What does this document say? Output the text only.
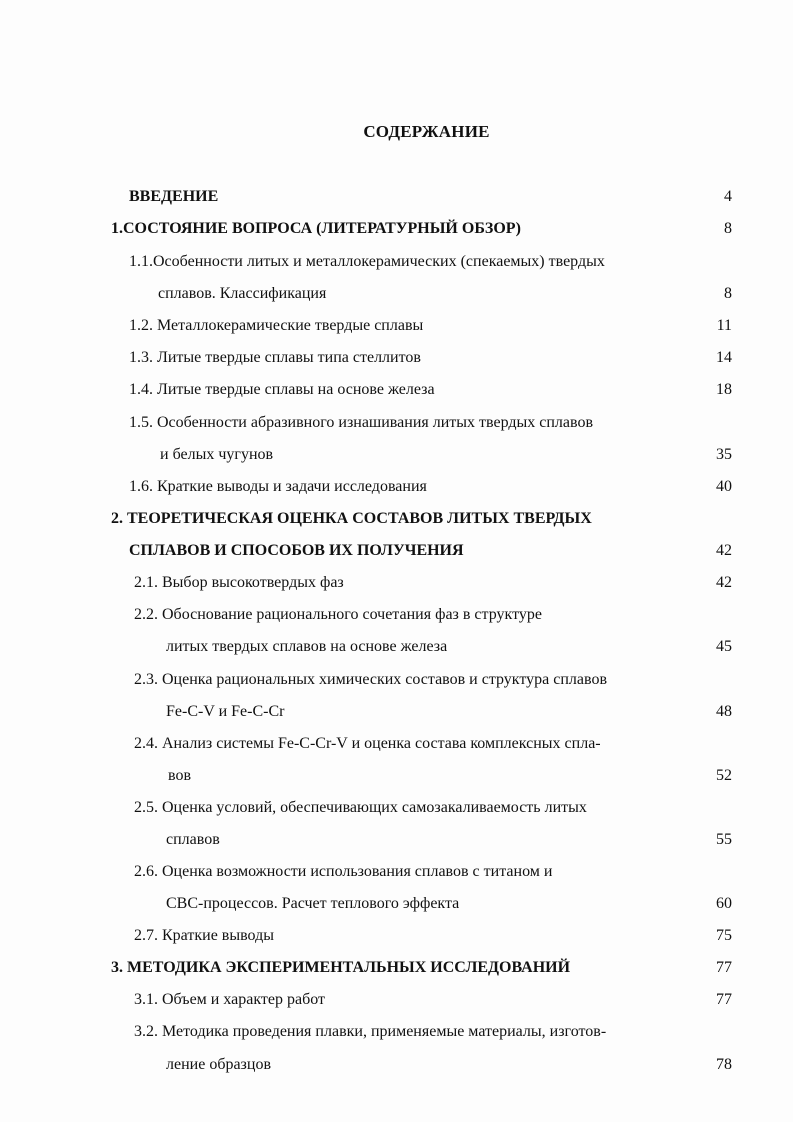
СОДЕРЖАНИЕ
ВВЕДЕНИЕ	4
1.СОСТОЯНИЕ ВОПРОСА (ЛИТЕРАТУРНЫЙ ОБЗОР)	8
1.1.Особенности литых и металлокерамических (спекаемых) твердых
сплавов. Классификация	8
1.2. Металлокерамические твердые сплавы	11
1.3. Литые твердые сплавы типа стеллитов	14
1.4. Литые твердые сплавы на основе железа	18
1.5. Особенности абразивного изнашивания литых твердых сплавов
и белых чугунов	35
1.6. Краткие выводы и задачи исследования	40
2. ТЕОРЕТИЧЕСКАЯ ОЦЕНКА СОСТАВОВ ЛИТЫХ ТВЕРДЫХ
СПЛАВОВ И СПОСОБОВ ИХ ПОЛУЧЕНИЯ	42
2.1. Выбор высокотвердых фаз	42
2.2. Обоснование рационального сочетания фаз в структуре
литых твердых сплавов на основе железа	45
2.3. Оценка рациональных химических составов и структура сплавов
Fe-C-V и Fe-C-Cr	48
2.4. Анализ системы Fe-C-Cr-V и оценка состава комплексных спла-
вов	52
2.5. Оценка условий, обеспечивающих самозакаливаемость литых
сплавов	55
2.6. Оценка возможности использования сплавов с титаном и
СВС-процессов. Расчет теплового эффекта	60
2.7. Краткие выводы	75
3. МЕТОДИКА ЭКСПЕРИМЕНТАЛЬНЫХ ИССЛЕДОВАНИЙ	77
3.1. Объем и характер работ	77
3.2. Методика проведения плавки, применяемые материалы, изготов-
ление образцов	78
